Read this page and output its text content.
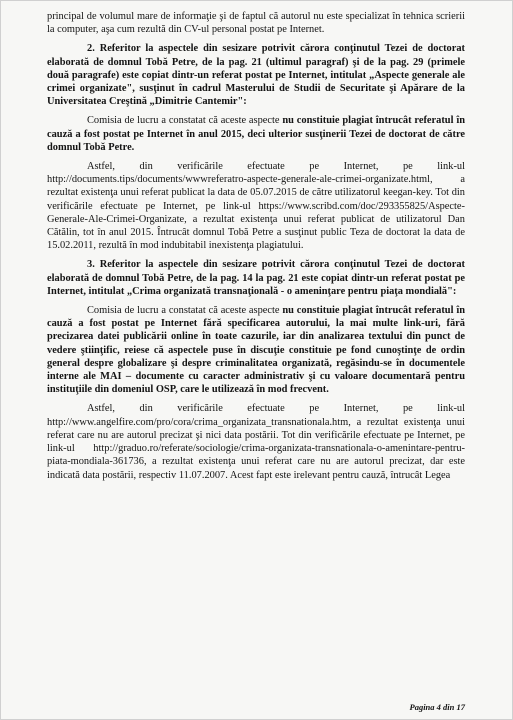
principal de volumul mare de informaţie şi de faptul că autorul nu este specializat în tehnica scrierii la computer, aşa cum rezultă din CV-ul personal postat pe Internet.

2. Referitor la aspectele din sesizare potrivit cărora conţinutul Tezei de doctorat elaborată de domnul Tobă Petre, de la pag. 21 (ultimul paragraf) şi de la pag. 29 (primele două paragrafe) este copiat dintr-un referat postat pe Internet, intitulat „Aspecte generale ale crimei organizate", susţinut în cadrul Masterului de Studii de Securitate şi Apărare de la Universitatea Creştină „Dimitrie Cantemir":

Comisia de lucru a constatat că aceste aspecte nu constituie plagiat întrucât referatul în cauză a fost postat pe Internet în anul 2015, deci ulterior susţinerii Tezei de doctorat de către domnul Tobă Petre.

Astfel, din verificările efectuate pe Internet, pe link-ul http://documents.tips/documents/wwwreferatro-aspecte-generale-ale-crimei-organizate.html, a rezultat existenţa unui referat publicat la data de 05.07.2015 de către utilizatorul keegan-key. Tot din verificările efectuate pe Internet, pe link-ul https://www.scribd.com/doc/293355825/Aspecte-Generale-Ale-Crimei-Organizate, a rezultat existenţa unui referat publicat de utilizatorul Dan Cătălin, tot în anul 2015. Întrucât domnul Tobă Petre a susţinut public Teza de doctorat la data de 15.02.2011, rezultă în mod indubitabil inexistenţa plagiatului.

3. Referitor la aspectele din sesizare potrivit cărora conţinutul Tezei de doctorat elaborată de domnul Tobă Petre, de la pag. 14 la pag. 21 este copiat dintr-un referat postat pe Internet, intitulat „Crima organizată transnaţională - o ameninţare pentru piaţa mondială":

Comisia de lucru a constatat că aceste aspecte nu constituie plagiat întrucât referatul în cauză a fost postat pe Internet fără specificarea autorului, la mai multe link-uri, fără precizarea datei publicării online în toate cazurile, iar din analizarea textului din punct de vedere ştiinţific, reiese că aspectele puse în discuţie constituie pe fond cunoştinţe de ordin general despre globalizare şi despre criminalitatea organizată, regăsindu-se în documentele interne ale MAI – documente cu caracter administrativ şi cu valoare documentară pentru instituţiile din domeniul OSP, care le utilizează în mod frecvent.

Astfel, din verificările efectuate pe Internet, pe link-ul http://www.angelfire.com/pro/cora/crima_organizata_transnationala.htm, a rezultat existenţa unui referat care nu are autorul precizat şi nici data postării. Tot din verificările efectuate pe Internet, pe link-ul http://graduo.ro/referate/sociologie/crima-organizata-transnationala-o-amenintare-pentru-piata-mondiala-361736, a rezultat existenţa unui referat care nu are autorul precizat, dar este indicată data postării, respectiv 11.07.2007. Acest fapt este irelevant pentru cauză, întrucât Legea

Pagina 4 din 17
